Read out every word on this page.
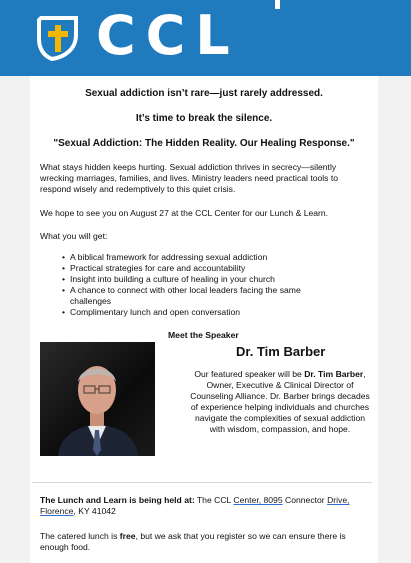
CCL

Sexual addiction isn’t rare—just rarely addressed.

It’s time to break the silence.

"Sexual Addiction: The Hidden Reality. Our Healing Response."

What stays hidden keeps hurting. Sexual addiction thrives in secrecy—silently wrecking marriages, families, and lives. Ministry leaders need practical tools to respond wisely and redemptively to this quiet crisis.

We hope to see you on August 27 at the CCL Center for our Lunch & Learn.

What you will get:

• A biblical framework for addressing sexual addiction
• Practical strategies for care and accountability
• Insight into building a culture of healing in your church
• A chance to connect with other local leaders facing the same challenges
• Complimentary lunch and open conversation

Meet the Speaker

Dr. Tim Barber

Our featured speaker will be Dr. Tim Barber, Owner, Executive & Clinical Director of Counseling Alliance. Dr. Barber brings decades of experience helping individuals and churches navigate the complexities of sexual addiction with wisdom, compassion, and hope.

The Lunch and Learn is being held at: The CCL Center, 8095 Connector Drive, Florence, KY 41042

The catered lunch is free, but we ask that you register so we can ensure there is enough food.
